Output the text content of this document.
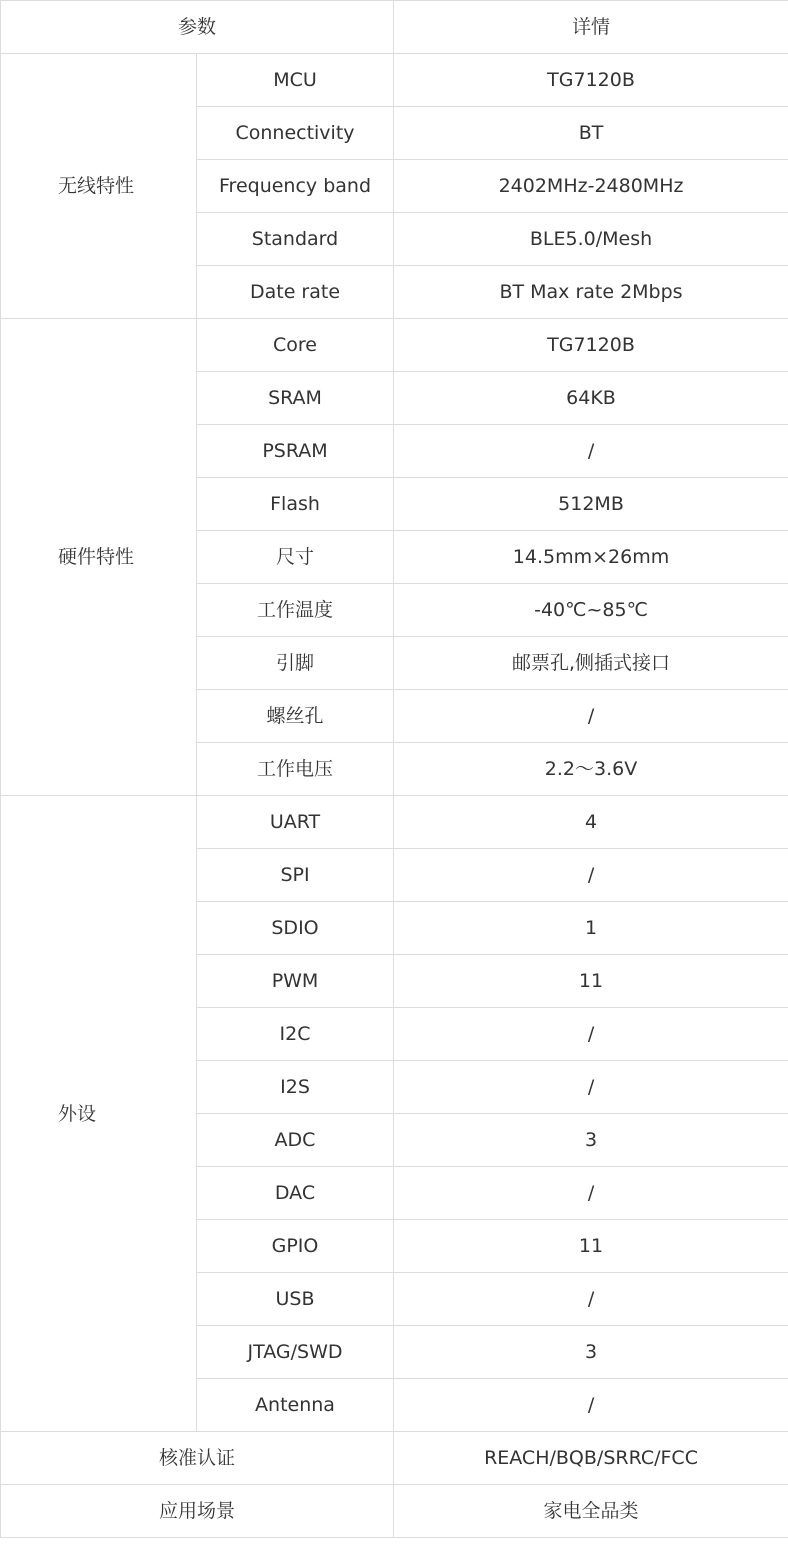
参数		详情
无线特性	MCU	TG7120B
	Connectivity	BT
	Frequency band	2402MHz-2480MHz
	Standard	BLE5.0/Mesh
	Date rate	BT Max rate 2Mbps
硬件特性	Core	TG7120B
	SRAM	64KB
	PSRAM	/
	Flash	512MB
	尺寸	14.5mm×26mm
	工作温度	-40℃~85℃
	引脚	邮票孔,侧插式接口
	螺丝孔	/
	工作电压	2.2～3.6V
外设	UART	4
	SPI	/
	SDIO	1
	PWM	11
	I2C	/
	I2S	/
	ADC	3
	DAC	/
	GPIO	11
	USB	/
	JTAG/SWD	3
	Antenna	/
核准认证		REACH/BQB/SRRC/FCC
应用场景		家电全品类
